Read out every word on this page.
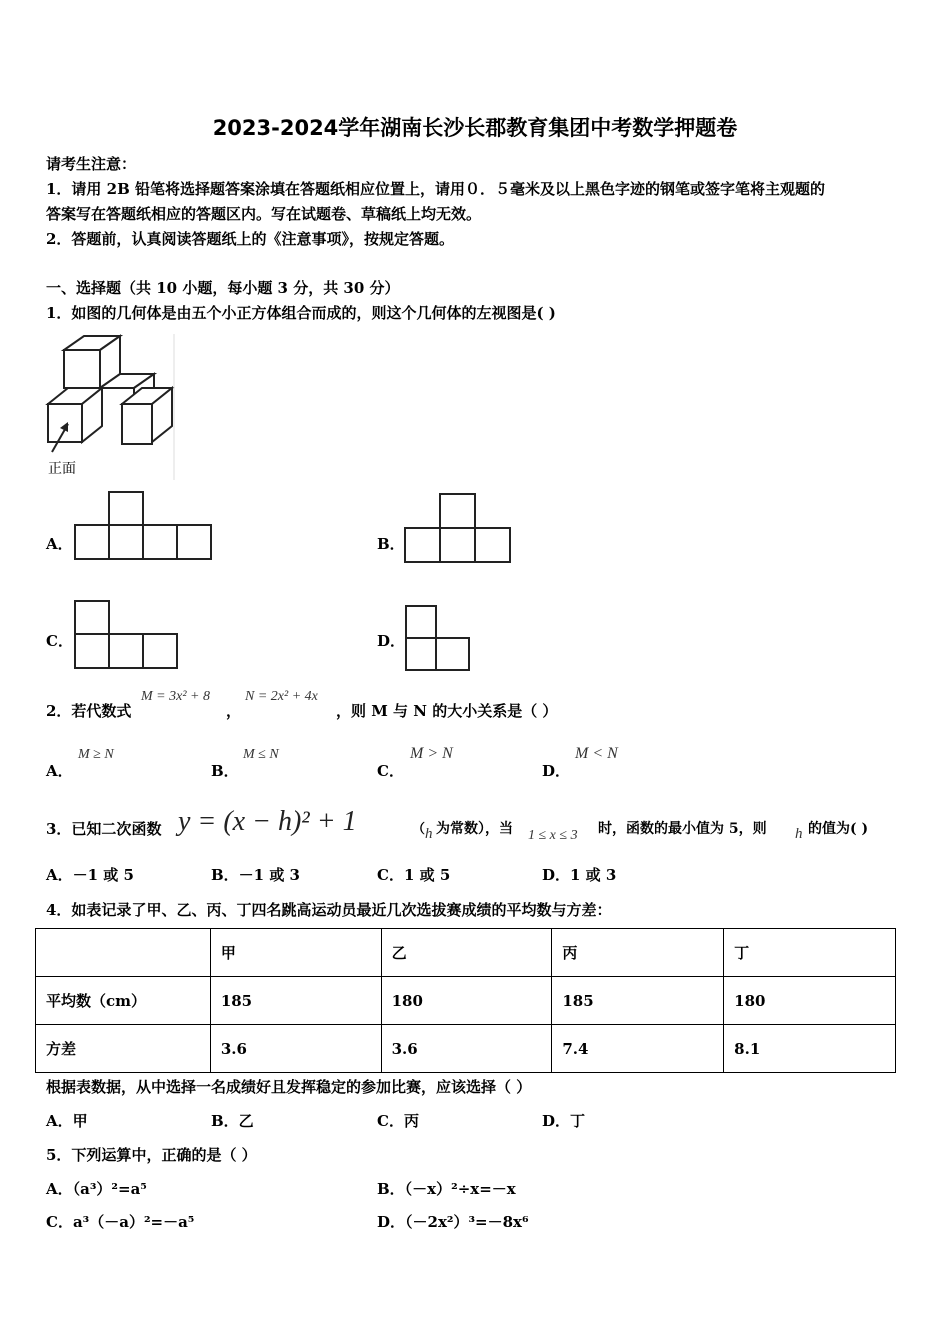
2023-2024学年湖南长沙长郡教育集团中考数学押题卷
请考生注意：
1．请用 2B 铅笔将选择题答案涂填在答题纸相应位置上，请用０．５毫米及以上黑色字迹的钢笔或签字笔将主观题的
答案写在答题纸相应的答题区内。写在试题卷、草稿纸上均无效。
2．答题前，认真阅读答题纸上的《注意事项》，按规定答题。
一、选择题（共 10 小题，每小题 3 分，共 30 分）
1．如图的几何体是由五个小正方体组合而成的，则这个几何体的左视图是( )
正面
A．	B．
C．	D．
2．若代数式
M = 3x² + 8
，
N = 2x² + 4x
，则 M 与 N 的大小关系是（ ）
A．
M ≥ N
B．
M ≤ N
C．
M > N
D．
M < N
3．已知二次函数 y = (x − h)² + 1	（ h 为常数），当 1 ≤ x ≤ 3 时，函数的最小值为 5，则 h 的值为( )
A．－1 或 5	B．－1 或 3	C．1 或 5	D．1 或 3
4．如表记录了甲、乙、丙、丁四名跳高运动员最近几次选拔赛成绩的平均数与方差：
	甲	乙	丙	丁
平均数（cm）	185	180	185	180
方差	3.6	3.6	7.4	8.1
根据表数据，从中选择一名成绩好且发挥稳定的参加比赛，应该选择（ ）
A．甲	B．乙	C．丙	D．丁
5．下列运算中，正确的是（ ）
A．（a³）²=a⁵	B．（－x）²÷x=－x
C．a³（－a）²=－a⁵	D．（－2x²）³=－8x⁶
